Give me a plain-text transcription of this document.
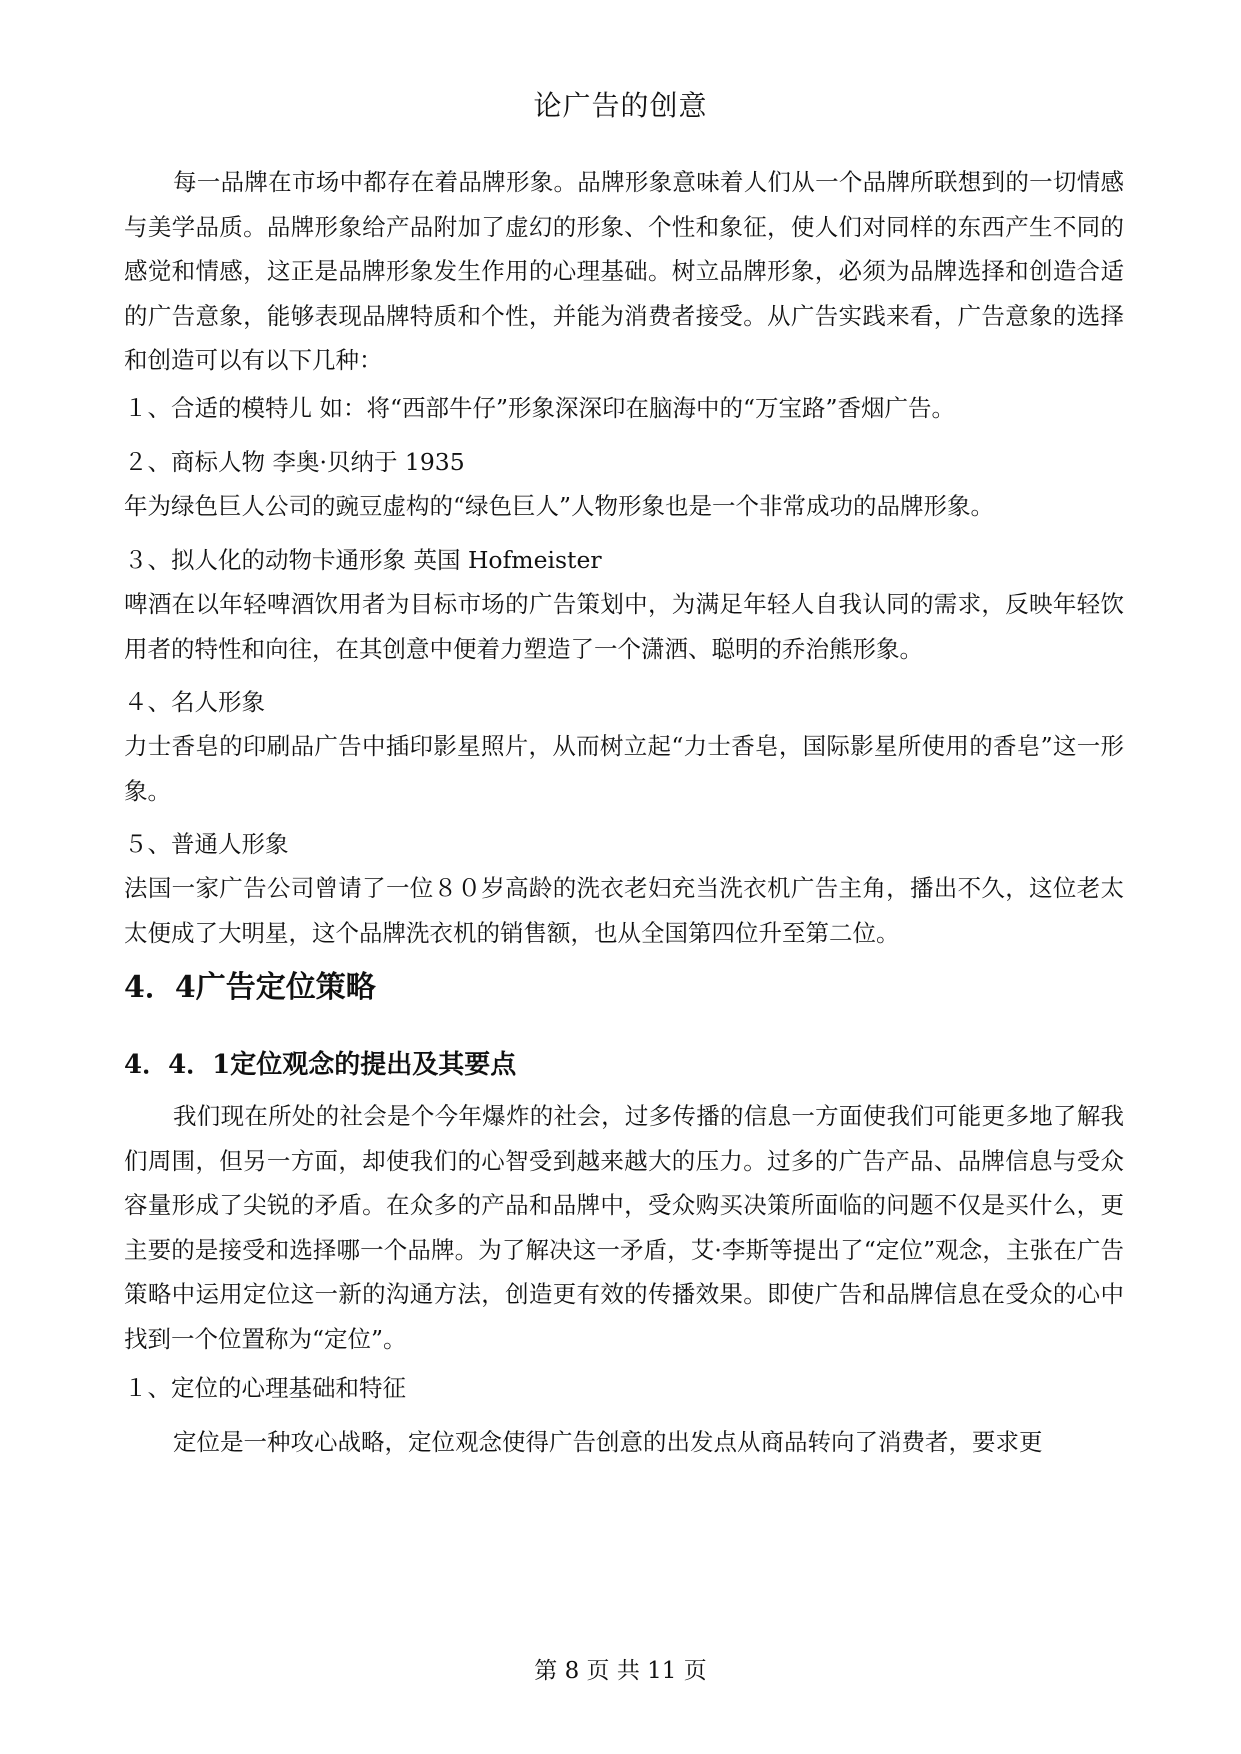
论广告的创意

每一品牌在市场中都存在着品牌形象。品牌形象意味着人们从一个品牌所联想到的一切情感与美学品质。品牌形象给产品附加了虚幻的形象、个性和象征，使人们对同样的东西产生不同的感觉和情感，这正是品牌形象发生作用的心理基础。树立品牌形象，必须为品牌选择和创造合适的广告意象，能够表现品牌特质和个性，并能为消费者接受。从广告实践来看，广告意象的选择和创造可以有以下几种：

１、合适的模特儿 如：将“西部牛仔”形象深深印在脑海中的“万宝路”香烟广告。

２、商标人物 李奥·贝纳于 1935

年为绿色巨人公司的豌豆虚构的“绿色巨人”人物形象也是一个非常成功的品牌形象。

３、拟人化的动物卡通形象 英国 Hofmeister

啤酒在以年轻啤酒饮用者为目标市场的广告策划中，为满足年轻人自我认同的需求，反映年轻饮用者的特性和向往，在其创意中便着力塑造了一个潇洒、聪明的乔治熊形象。

４、名人形象

力士香皂的印刷品广告中插印影星照片，从而树立起“力士香皂，国际影星所使用的香皂”这一形象。

５、普通人形象

法国一家广告公司曾请了一位８０岁高龄的洗衣老妇充当洗衣机广告主角，播出不久，这位老太太便成了大明星，这个品牌洗衣机的销售额，也从全国第四位升至第二位。

4．4广告定位策略

4．4．1定位观念的提出及其要点

我们现在所处的社会是个今年爆炸的社会，过多传播的信息一方面使我们可能更多地了解我们周围，但另一方面，却使我们的心智受到越来越大的压力。过多的广告产品、品牌信息与受众容量形成了尖锐的矛盾。在众多的产品和品牌中，受众购买决策所面临的问题不仅是买什么，更主要的是接受和选择哪一个品牌。为了解决这一矛盾，艾·李斯等提出了“定位”观念，主张在广告策略中运用定位这一新的沟通方法，创造更有效的传播效果。即使广告和品牌信息在受众的心中找到一个位置称为“定位”。

１、定位的心理基础和特征

定位是一种攻心战略，定位观念使得广告创意的出发点从商品转向了消费者，要求更

第 8 页 共 11 页
